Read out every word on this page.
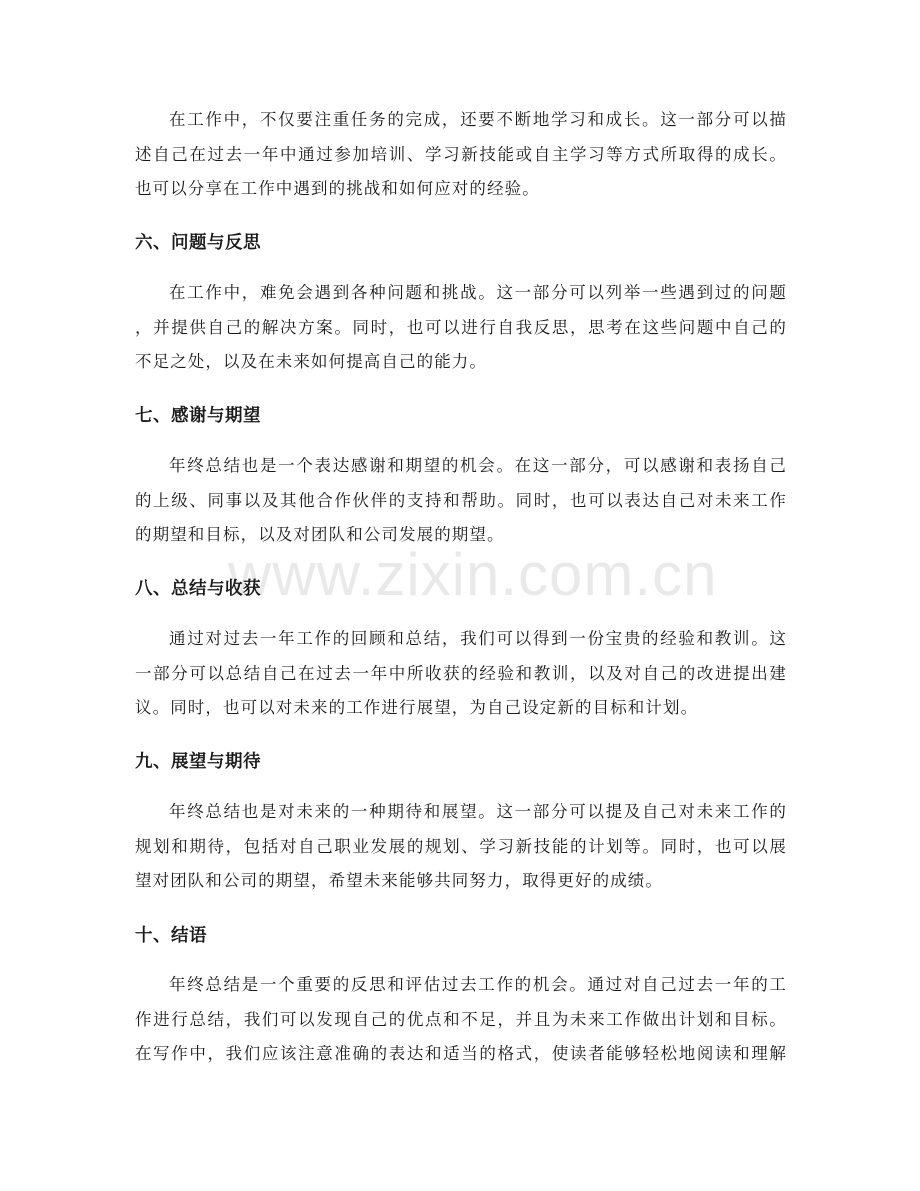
www.zixin.com.cn

在工作中，不仅要注重任务的完成，还要不断地学习和成长。这一部分可以描
述自己在过去一年中通过参加培训、学习新技能或自主学习等方式所取得的成长。
也可以分享在工作中遇到的挑战和如何应对的经验。

六、问题与反思

在工作中，难免会遇到各种问题和挑战。这一部分可以列举一些遇到过的问题
，并提供自己的解决方案。同时，也可以进行自我反思，思考在这些问题中自己的
不足之处，以及在未来如何提高自己的能力。

七、感谢与期望

年终总结也是一个表达感谢和期望的机会。在这一部分，可以感谢和表扬自己
的上级、同事以及其他合作伙伴的支持和帮助。同时，也可以表达自己对未来工作
的期望和目标，以及对团队和公司发展的期望。

八、总结与收获

通过对过去一年工作的回顾和总结，我们可以得到一份宝贵的经验和教训。这
一部分可以总结自己在过去一年中所收获的经验和教训，以及对自己的改进提出建
议。同时，也可以对未来的工作进行展望，为自己设定新的目标和计划。

九、展望与期待

年终总结也是对未来的一种期待和展望。这一部分可以提及自己对未来工作的
规划和期待，包括对自己职业发展的规划、学习新技能的计划等。同时，也可以展
望对团队和公司的期望，希望未来能够共同努力，取得更好的成绩。

十、结语

年终总结是一个重要的反思和评估过去工作的机会。通过对自己过去一年的工
作进行总结，我们可以发现自己的优点和不足，并且为未来工作做出计划和目标。
在写作中，我们应该注意准确的表达和适当的格式，使读者能够轻松地阅读和理解
